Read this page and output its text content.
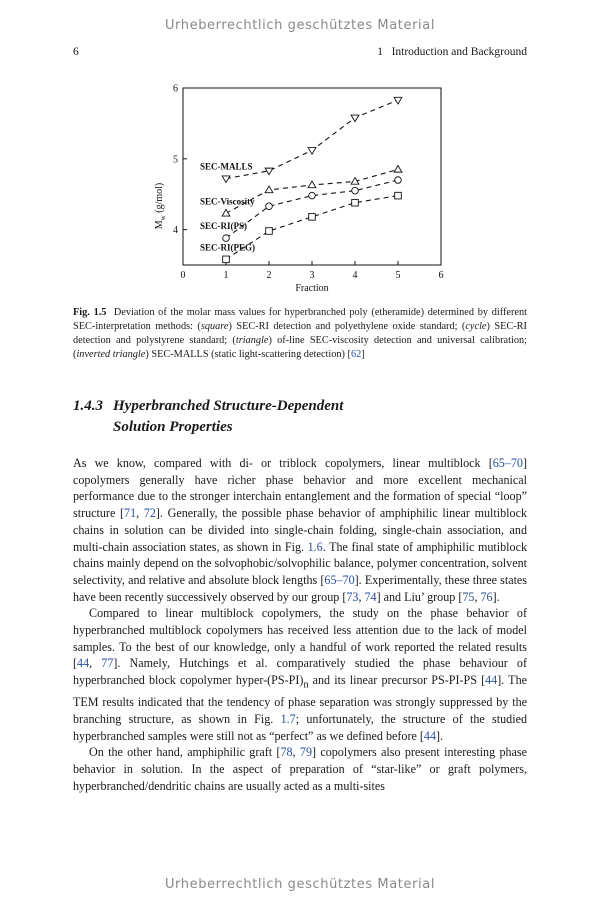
Urheberrechtlich geschütztes Material
6	1   Introduction and Background
0	1	2	3	4	5	6
4
5
6
SEC-MALLS
SEC-Viscosity
SEC-RI(PS)
SEC-RI(PEG)
Fraction
$M_w$ (g/mol)
Fig. 1.5 Deviation of the molar mass values for hyperbranched poly (etheramide) determined by different SEC-interpretation methods: (square) SEC-RI detection and polyethylene oxide standard; (cycle) SEC-RI detection and polystyrene standard; (triangle) of-line SEC-viscosity detection and universal calibration; (inverted triangle) SEC-MALLS (static light-scattering detection) [62]
1.4.3 Hyperbranched Structure-Dependent
Solution Properties

As we know, compared with di- or triblock copolymers, linear multiblock [65–70] copolymers generally have richer phase behavior and more excellent mechanical performance due to the stronger interchain entanglement and the formation of special “loop” structure [71, 72]. Generally, the possible phase behavior of amphiphilic linear multiblock chains in solution can be divided into single-chain folding, single-chain association, and multi-chain association states, as shown in Fig. 1.6. The final state of amphiphilic mutiblock chains mainly depend on the solvophobic/solvophilic balance, polymer concentration, solvent selectivity, and relative and absolute block lengths [65–70]. Experimentally, these three states have been recently successively observed by our group [73, 74] and Liu’ group [75, 76].

Compared to linear multiblock copolymers, the study on the phase behavior of hyperbranched multiblock copolymers has received less attention due to the lack of model samples. To the best of our knowledge, only a handful of work reported the related results [44, 77]. Namely, Hutchings et al. comparatively studied the phase behaviour of hyperbranched block copolymer hyper-$(PS-PI)_n$ and its linear precursor PS-PI-PS [44]. The TEM results indicated that the tendency of phase separation was strongly suppressed by the branching structure, as shown in Fig. 1.7; unfortunately, the structure of the studied hyperbranched samples were still not as “perfect” as we defined before [44].

On the other hand, amphiphilic graft [78, 79] copolymers also present interesting phase behavior in solution. In the aspect of preparation of “star-like” or graft polymers, hyperbranched/dendritic chains are usually acted as a multi-sites

Urheberrechtlich geschütztes Material
